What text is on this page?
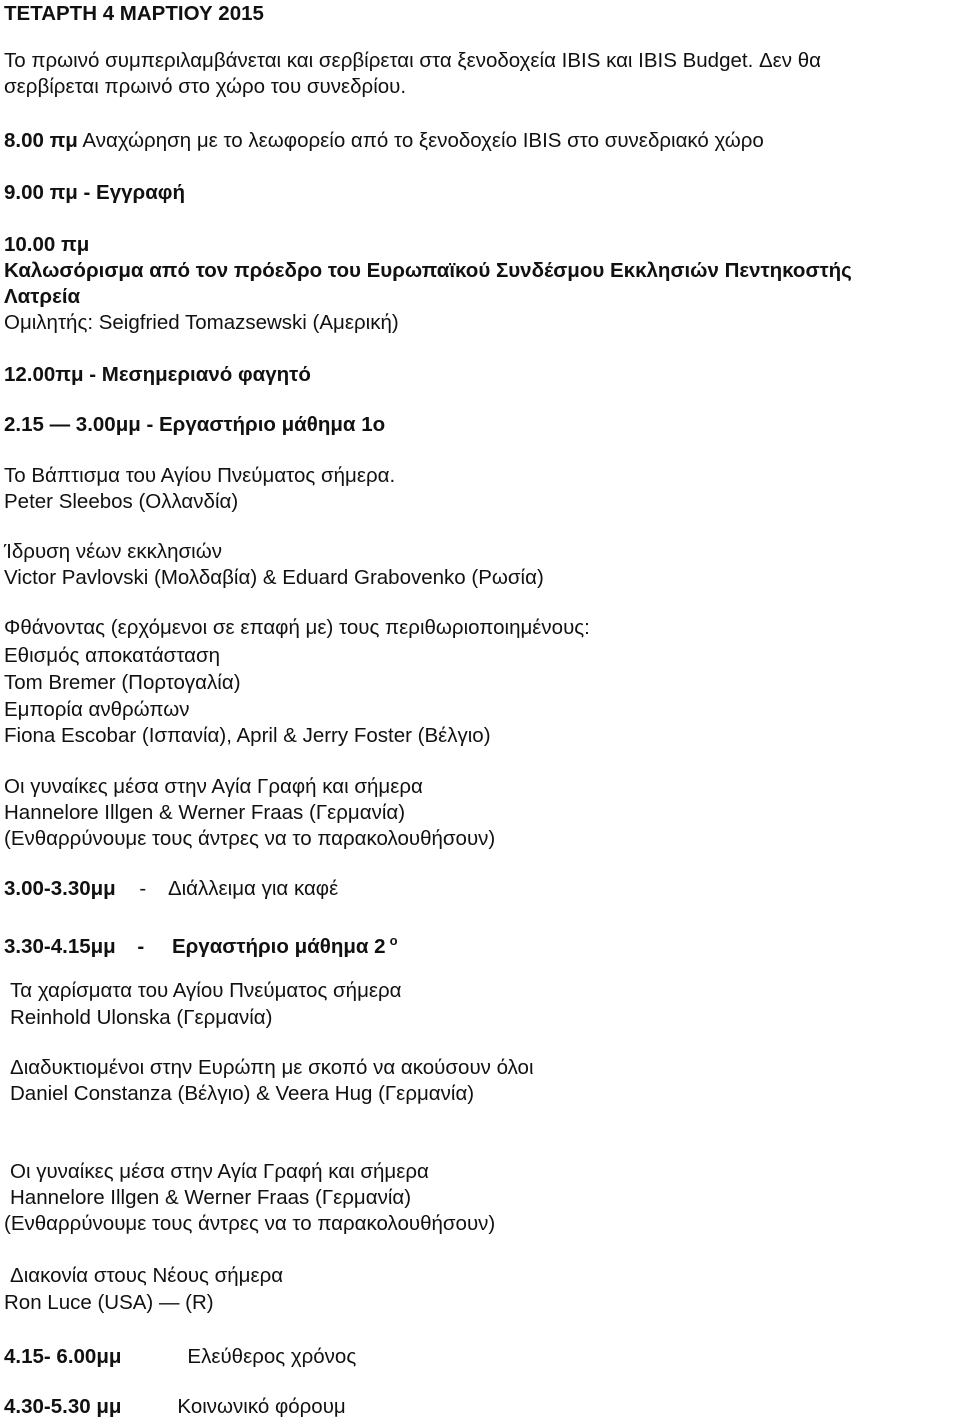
ΤΕΤΑΡΤΗ 4 ΜΑΡΤΙΟΥ 2015
Το πρωινό συμπεριλαμβάνεται και σερβίρεται στα ξενοδοχεία IBIS και IBIS Budget. Δεν θα
σερβίρεται πρωινό στο χώρο του συνεδρίου.
8.00 πμ Αναχώρηση με το λεωφορείο από το ξενοδοχείο IBIS στο συνεδριακό χώρο
9.00 πμ - Εγγραφή
10.00 πμ
Καλωσόρισμα από τον πρόεδρο του Ευρωπαϊκού Συνδέσμου Εκκλησιών Πεντηκοστής
Λατρεία
Ομιλητής: Seigfried Tomazsewski (Αμερική)
12.00πμ - Μεσημεριανό φαγητό
2.15 — 3.00μμ - Εργαστήριο μάθημα 1ο
Το Βάπτισμα του Αγίου Πνεύματος σήμερα.
Peter Sleebos (Ολλανδία)
Ίδρυση νέων εκκλησιών
Victor Pavlovski (Μολδαβία) & Eduard Grabovenko (Ρωσία)
Φθάνοντας (ερχόμενοι σε επαφή με) τους περιθωριοποιημένους:
Εθισμός αποκατάσταση
Tom Bremer (Πορτογαλία)
Εμπορία ανθρώπων
Fiona Escobar (Ισπανία), April & Jerry Foster (Βέλγιο)
Οι γυναίκες μέσα στην Αγία Γραφή και σήμερα
Hannelore Illgen & Werner Fraas (Γερμανία)
(Ενθαρρύνουμε τους άντρες να το παρακολουθήσουν)
3.00-3.30μμ - Διάλλειμα για καφέ
3.30-4.15μμ - Εργαστήριο μάθημα 2 $^o$
Τα χαρίσματα του Αγίου Πνεύματος σήμερα
Reinhold Ulonska (Γερμανία)
Διαδυκτιομένοι στην Ευρώπη με σκοπό να ακούσουν όλοι
Daniel Constanza (Βέλγιο) & Veera Hug (Γερμανία)
Οι γυναίκες μέσα στην Αγία Γραφή και σήμερα
Hannelore Illgen & Werner Fraas (Γερμανία)
(Ενθαρρύνουμε τους άντρες να το παρακολουθήσουν)
Διακονία στους Νέους σήμερα
Ron Luce (USA) — (R)
4.15- 6.00μμ	Ελεύθερος χρόνος
4.30-5.30 μμ	Κοινωνικό φόρουμ
